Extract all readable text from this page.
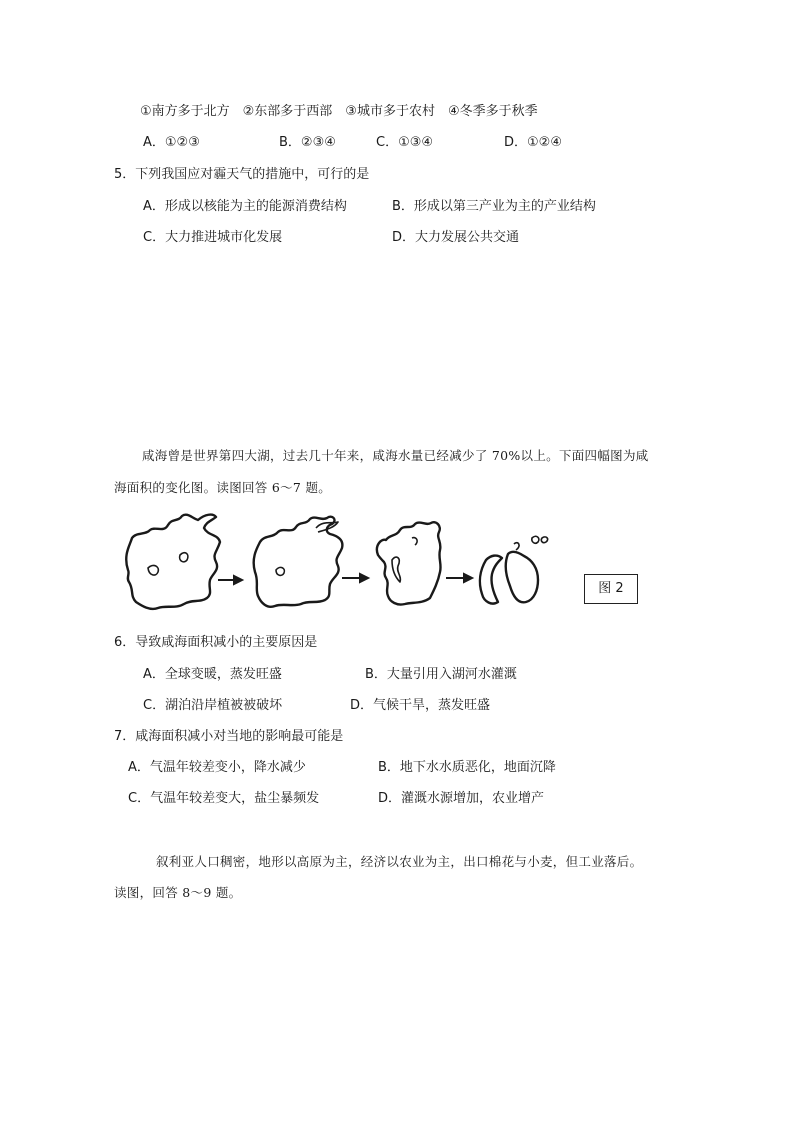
①南方多于北方　②东部多于西部　③城市多于农村　④冬季多于秋季
A．①②③	B．②③④	C．①③④	D．①②④
5．下列我国应对霾天气的措施中，可行的是
A．形成以核能为主的能源消费结构	B．形成以第三产业为主的产业结构
C．大力推进城市化发展	D．大力发展公共交通
咸海曾是世界第四大湖，过去几十年来，咸海水量已经减少了 70%以上。下面四幅图为咸
海面积的变化图。读图回答 6～7 题。
图 2
6．导致咸海面积减小的主要原因是
A．全球变暖，蒸发旺盛	B．大量引用入湖河水灌溉
C．湖泊沿岸植被被破坏	D．气候干旱，蒸发旺盛
7．咸海面积减小对当地的影响最可能是
A．气温年较差变小，降水减少	B．地下水水质恶化，地面沉降
C．气温年较差变大，盐尘暴频发	D．灌溉水源增加，农业增产
叙利亚人口稠密，地形以高原为主，经济以农业为主，出口棉花与小麦，但工业落后。
读图，回答 8～9 题。
